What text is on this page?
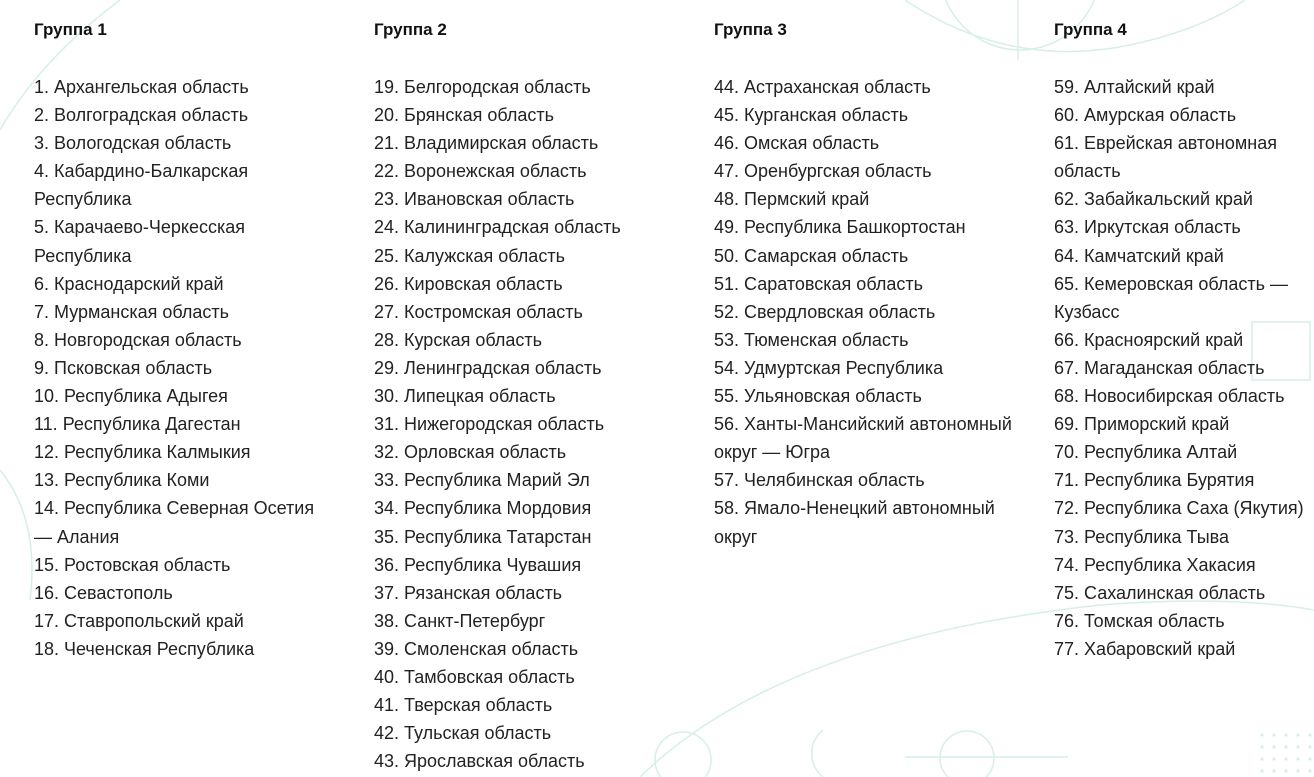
Группа 1
1. Архангельская область
2. Волгоградская область
3. Вологодская область
4. Кабардино-Балкарская Республика
5. Карачаево-Черкесская Республика
6. Краснодарский край
7. Мурманская область
8. Новгородская область
9. Псковская область
10. Республика Адыгея
11. Республика Дагестан
12. Республика Калмыкия
13. Республика Коми
14. Республика Северная Осетия — Алания
15. Ростовская область
16. Севастополь
17. Ставропольский край
18. Чеченская Республика
Группа 2
19. Белгородская область
20. Брянская область
21. Владимирская область
22. Воронежская область
23. Ивановская область
24. Калининградская область
25. Калужская область
26. Кировская область
27. Костромская область
28. Курская область
29. Ленинградская область
30. Липецкая область
31. Нижегородская область
32. Орловская область
33. Республика Марий Эл
34. Республика Мордовия
35. Республика Татарстан
36. Республика Чувашия
37. Рязанская область
38. Санкт-Петербург
39. Смоленская область
40. Тамбовская область
41. Тверская область
42. Тульская область
43. Ярославская область
Группа 3
44. Астраханская область
45. Курганская область
46. Омская область
47. Оренбургская область
48. Пермский край
49. Республика Башкортостан
50. Самарская область
51. Саратовская область
52. Свердловская область
53. Тюменская область
54. Удмуртская Республика
55. Ульяновская область
56. Ханты-Мансийский автономный округ — Югра
57. Челябинская область
58. Ямало-Ненецкий автономный округ
Группа 4
59. Алтайский край
60. Амурская область
61. Еврейская автономная область
62. Забайкальский край
63. Иркутская область
64. Камчатский край
65. Кемеровская область — Кузбасс
66. Красноярский край
67. Магаданская область
68. Новосибирская область
69. Приморский край
70. Республика Алтай
71. Республика Бурятия
72. Республика Саха (Якутия)
73. Республика Тыва
74. Республика Хакасия
75. Сахалинская область
76. Томская область
77. Хабаровский край
